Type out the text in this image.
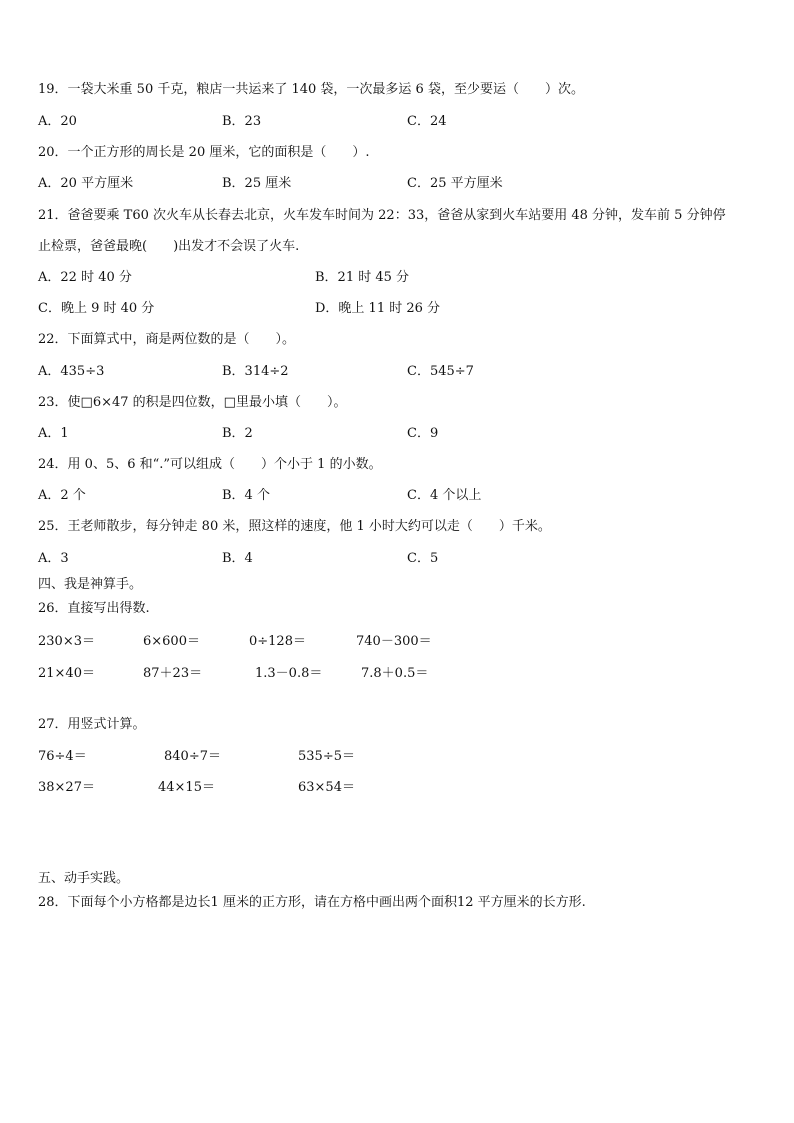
19．一袋大米重 50 千克，粮店一共运来了 140 袋，一次最多运 6 袋，至少要运（　　）次。
A．20	B．23	C．24
20．一个正方形的周长是 20 厘米，它的面积是（　　）.
A．20 平方厘米	B．25 厘米	C．25 平方厘米
21．爸爸要乘 T60 次火车从长春去北京，火车发车时间为 22：33，爸爸从家到火车站要用 48 分钟，发车前 5 分钟停
止检票，爸爸最晚(　　)出发才不会误了火车.
A．22 时 40 分	B．21 时 45 分
C．晚上 9 时 40 分	D．晚上 11 时 26 分
22．下面算式中，商是两位数的是（　　）。
A．435÷3	B．314÷2	C．545÷7
23．使□6×47 的积是四位数，□里最小填（　　）。
A．1	B．2	C．9
24．用 0、5、6 和“.”可以组成（　　）个小于 1 的小数。
A．2 个	B．4 个	C．4 个以上
25．王老师散步，每分钟走 80 米，照这样的速度，他 1 小时大约可以走（　　）千米。
A．3	B．4	C．5
四、我是神算手。
26．直接写出得数.
230×3＝	6×600＝	0÷128＝	740－300＝
21×40＝	87＋23＝	1.3－0.8＝	7.8＋0.5＝
27．用竖式计算。
76÷4＝	840÷7＝	535÷5＝
38×27＝	44×15＝	63×54＝
五、动手实践。
28．下面每个小方格都是边长1 厘米的正方形，请在方格中画出两个面积12 平方厘米的长方形.
